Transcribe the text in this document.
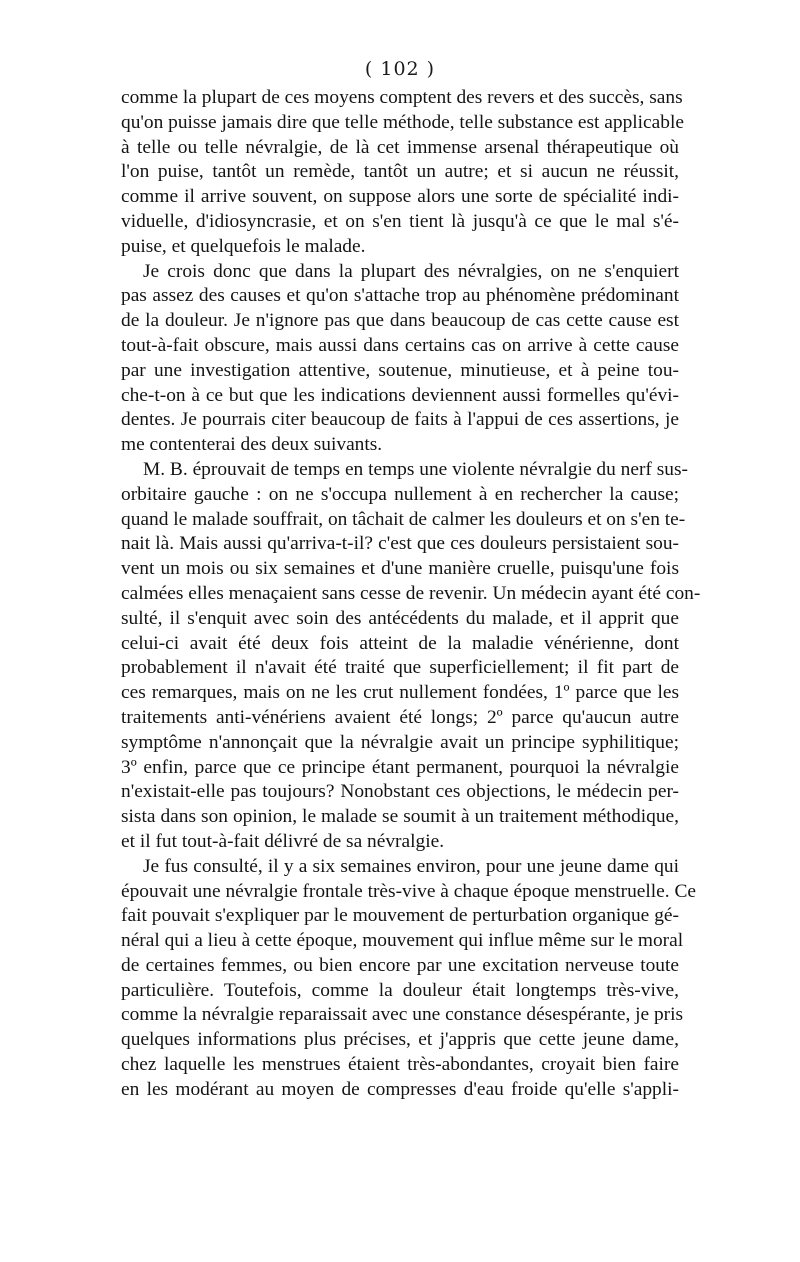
( 102 )
comme la plupart de ces moyens comptent des revers et des succès, sans
qu'on puisse jamais dire que telle méthode, telle substance est applicable
à telle ou telle névralgie, de là cet immense arsenal thérapeutique où
l'on puise, tantôt un remède, tantôt un autre; et si aucun ne réussit,
comme il arrive souvent, on suppose alors une sorte de spécialité indi-
viduelle, d'idiosyncrasie, et on s'en tient là jusqu'à ce que le mal s'é-
puise, et quelquefois le malade.
Je crois donc que dans la plupart des névralgies, on ne s'enquiert
pas assez des causes et qu'on s'attache trop au phénomène prédominant
de la douleur. Je n'ignore pas que dans beaucoup de cas cette cause est
tout-à-fait obscure, mais aussi dans certains cas on arrive à cette cause
par une investigation attentive, soutenue, minutieuse, et à peine tou-
che-t-on à ce but que les indications deviennent aussi formelles qu'évi-
dentes. Je pourrais citer beaucoup de faits à l'appui de ces assertions, je
me contenterai des deux suivants.
M. B. éprouvait de temps en temps une violente névralgie du nerf sus-
orbitaire gauche : on ne s'occupa nullement à en rechercher la cause;
quand le malade souffrait, on tâchait de calmer les douleurs et on s'en te-
nait là. Mais aussi qu'arriva-t-il? c'est que ces douleurs persistaient sou-
vent un mois ou six semaines et d'une manière cruelle, puisqu'une fois
calmées elles menaçaient sans cesse de revenir. Un médecin ayant été con-
sulté, il s'enquit avec soin des antécédents du malade, et il apprit que
celui-ci avait été deux fois atteint de la maladie vénérienne, dont
probablement il n'avait été traité que superficiellement; il fit part de
ces remarques, mais on ne les crut nullement fondées, 1º parce que les
traitements anti-vénériens avaient été longs; 2º parce qu'aucun autre
symptôme n'annonçait que la névralgie avait un principe syphilitique;
3º enfin, parce que ce principe étant permanent, pourquoi la névralgie
n'existait-elle pas toujours? Nonobstant ces objections, le médecin per-
sista dans son opinion, le malade se soumit à un traitement méthodique,
et il fut tout-à-fait délivré de sa névralgie.
Je fus consulté, il y a six semaines environ, pour une jeune dame qui
épouvait une névralgie frontale très-vive à chaque époque menstruelle. Ce
fait pouvait s'expliquer par le mouvement de perturbation organique gé-
néral qui a lieu à cette époque, mouvement qui influe même sur le moral
de certaines femmes, ou bien encore par une excitation nerveuse toute
particulière. Toutefois, comme la douleur était longtemps très-vive,
comme la névralgie reparaissait avec une constance désespérante, je pris
quelques informations plus précises, et j'appris que cette jeune dame,
chez laquelle les menstrues étaient très-abondantes, croyait bien faire
en les modérant au moyen de compresses d'eau froide qu'elle s'appli-
